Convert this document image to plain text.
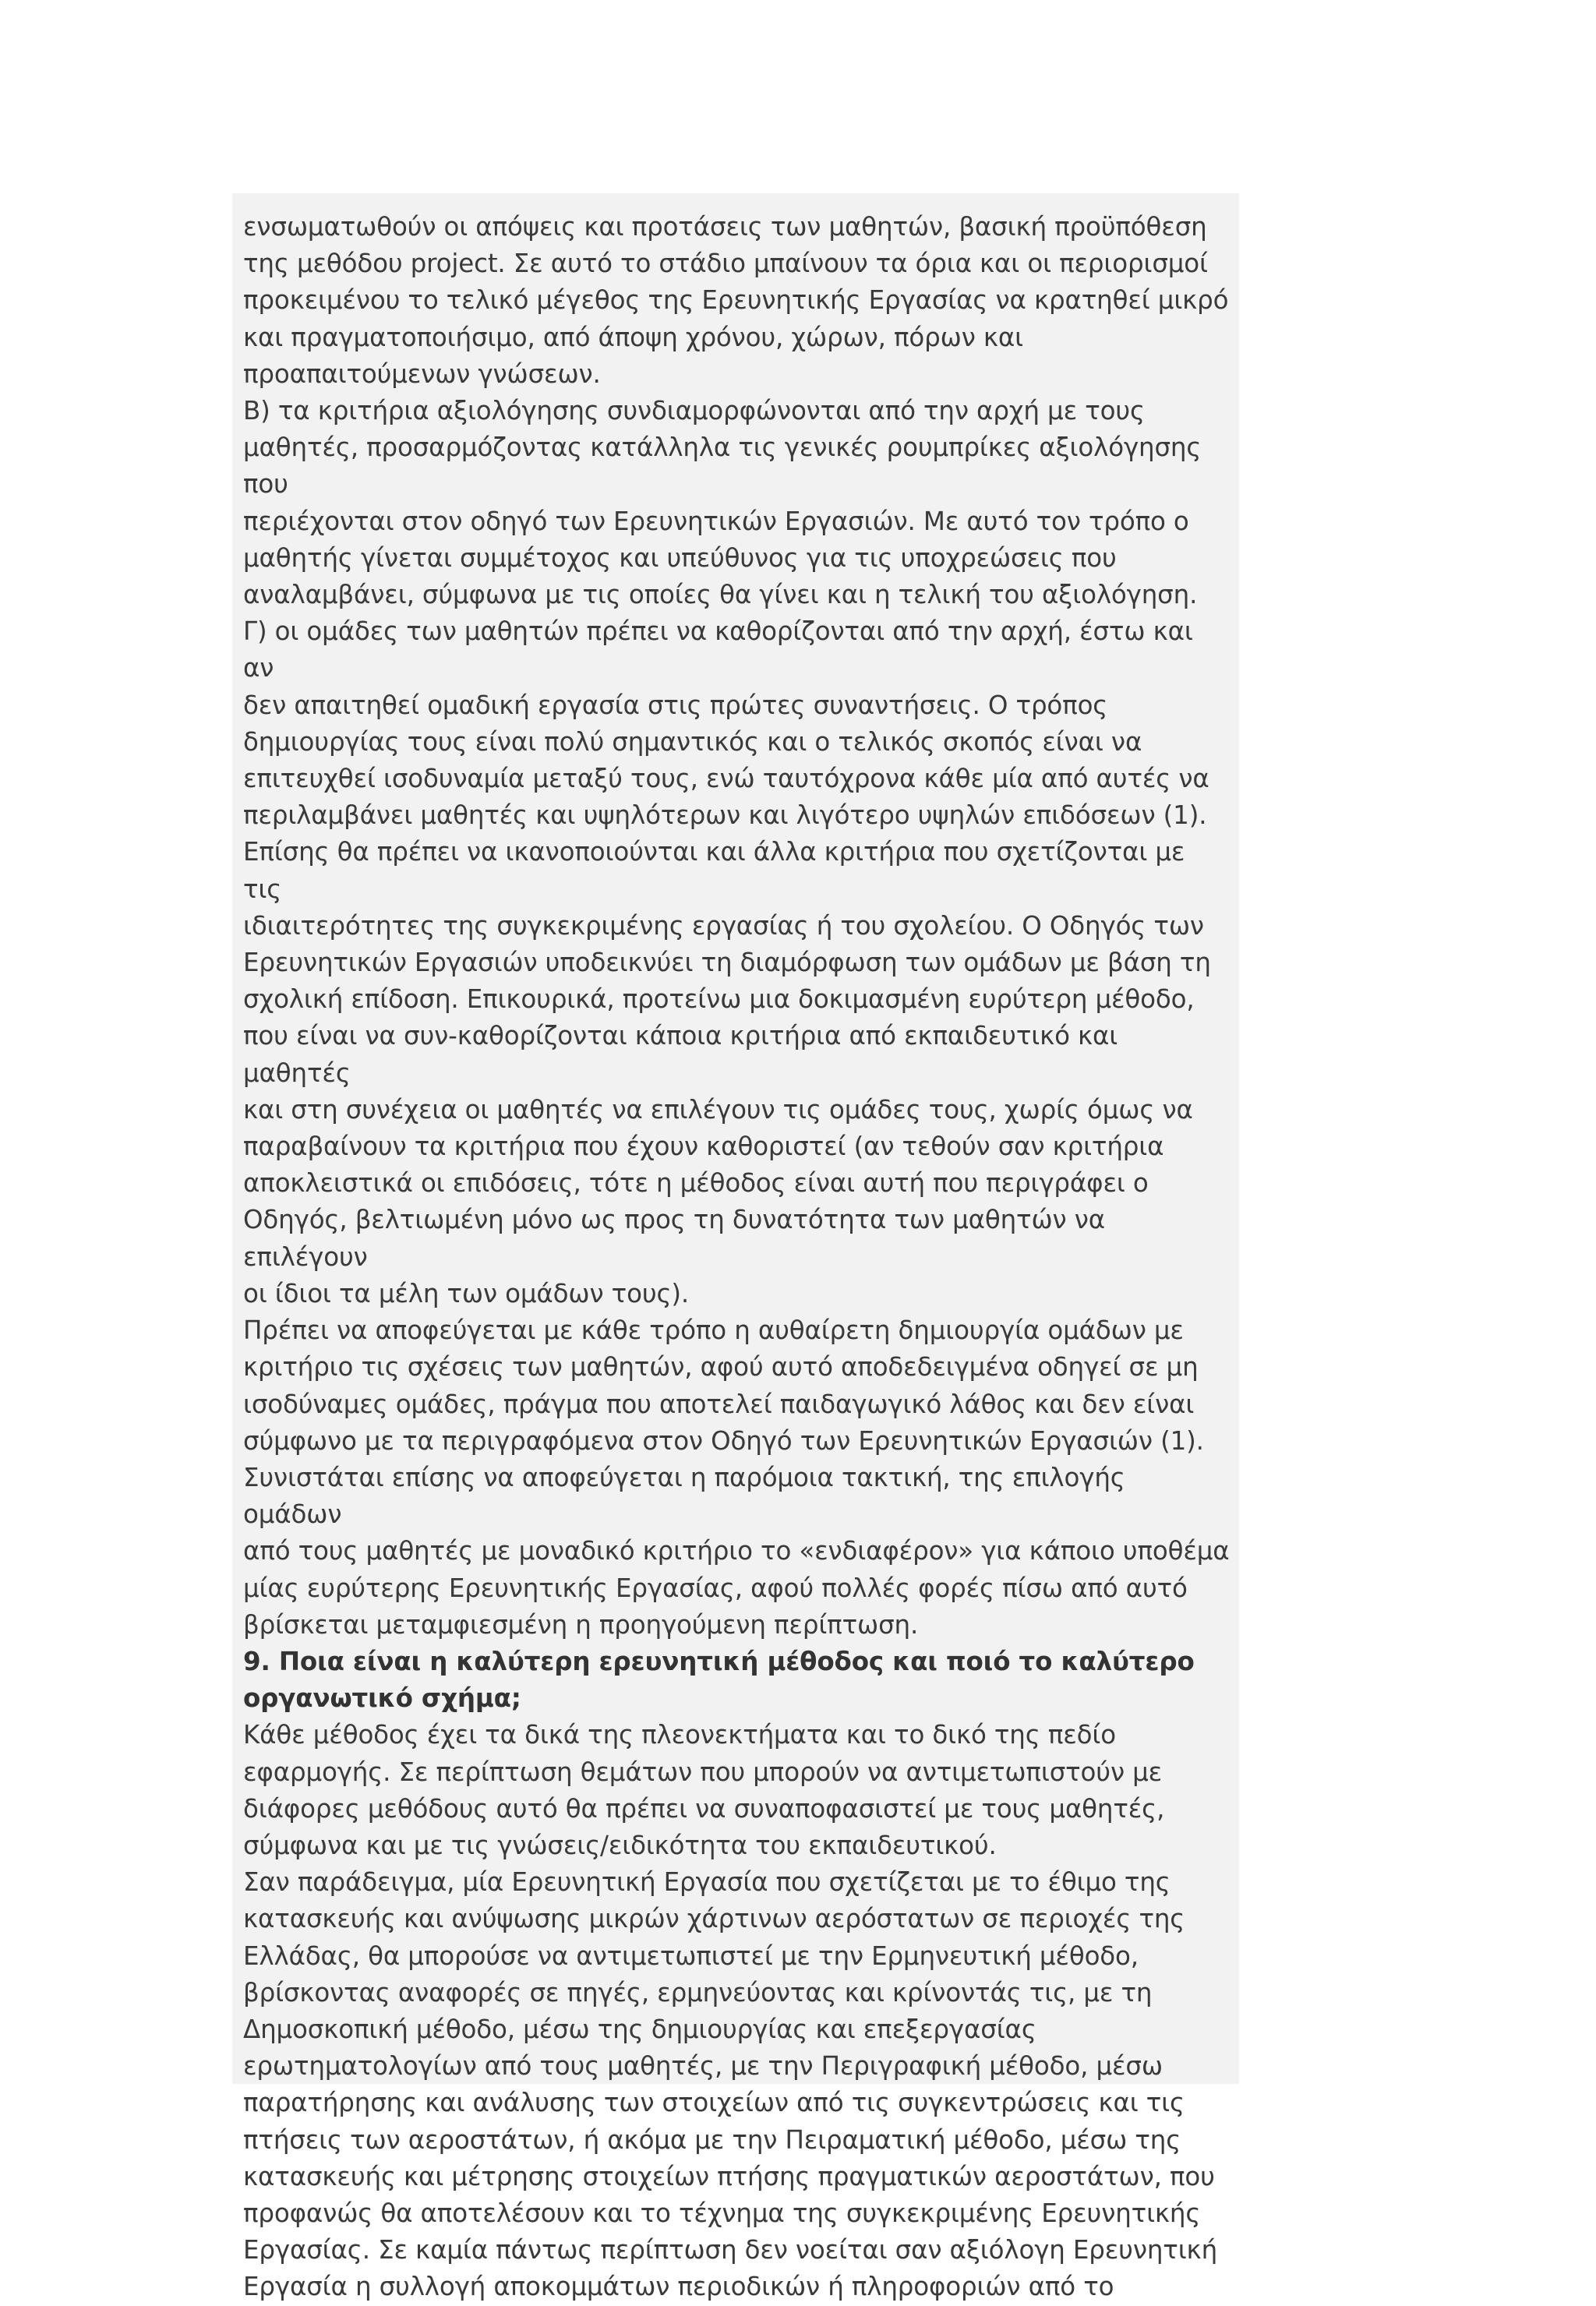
ενσωματωθούν οι απόψεις και προτάσεις των μαθητών, βασική προϋπόθεση
της μεθόδου project. Σε αυτό το στάδιο μπαίνουν τα όρια και οι περιορισμοί
προκειμένου το τελικό μέγεθος της Ερευνητικής Εργασίας να κρατηθεί μικρό
και πραγματοποιήσιμο, από άποψη χρόνου, χώρων, πόρων και
προαπαιτούμενων γνώσεων.

Β) τα κριτήρια αξιολόγησης συνδιαμορφώνονται από την αρχή με τους
μαθητές, προσαρμόζοντας κατάλληλα τις γενικές ρουμπρίκες αξιολόγησης που
περιέχονται στον οδηγό των Ερευνητικών Εργασιών. Με αυτό τον τρόπο ο
μαθητής γίνεται συμμέτοχος και υπεύθυνος για τις υποχρεώσεις που
αναλαμβάνει, σύμφωνα με τις οποίες θα γίνει και η τελική του αξιολόγηση.

Γ) οι ομάδες των μαθητών πρέπει να καθορίζονται από την αρχή, έστω και αν
δεν απαιτηθεί ομαδική εργασία στις πρώτες συναντήσεις. Ο τρόπος
δημιουργίας τους είναι πολύ σημαντικός και ο τελικός σκοπός είναι να
επιτευχθεί ισοδυναμία μεταξύ τους, ενώ ταυτόχρονα κάθε μία από αυτές να
περιλαμβάνει μαθητές και υψηλότερων και λιγότερο υψηλών επιδόσεων (1).
Επίσης θα πρέπει να ικανοποιούνται και άλλα κριτήρια που σχετίζονται με τις
ιδιαιτερότητες της συγκεκριμένης εργασίας ή του σχολείου. Ο Οδηγός των
Ερευνητικών Εργασιών υποδεικνύει τη διαμόρφωση των ομάδων με βάση τη
σχολική επίδοση. Επικουρικά, προτείνω μια δοκιμασμένη ευρύτερη μέθοδο,
που είναι να συν-καθορίζονται κάποια κριτήρια από εκπαιδευτικό και μαθητές
και στη συνέχεια οι μαθητές να επιλέγουν τις ομάδες τους, χωρίς όμως να
παραβαίνουν τα κριτήρια που έχουν καθοριστεί (αν τεθούν σαν κριτήρια
αποκλειστικά οι επιδόσεις, τότε η μέθοδος είναι αυτή που περιγράφει ο
Οδηγός, βελτιωμένη μόνο ως προς τη δυνατότητα των μαθητών να επιλέγουν
οι ίδιοι τα μέλη των ομάδων τους).

Πρέπει να αποφεύγεται με κάθε τρόπο η αυθαίρετη δημιουργία ομάδων με
κριτήριο τις σχέσεις των μαθητών, αφού αυτό αποδεδειγμένα οδηγεί σε μη
ισοδύναμες ομάδες, πράγμα που αποτελεί παιδαγωγικό λάθος και δεν είναι
σύμφωνο με τα περιγραφόμενα στον Οδηγό των Ερευνητικών Εργασιών (1).
Συνιστάται επίσης να αποφεύγεται η παρόμοια τακτική, της επιλογής ομάδων
από τους μαθητές με μοναδικό κριτήριο το «ενδιαφέρον» για κάποιο υποθέμα
μίας ευρύτερης Ερευνητικής Εργασίας, αφού πολλές φορές πίσω από αυτό
βρίσκεται μεταμφιεσμένη η προηγούμενη περίπτωση.

9. Ποια είναι η καλύτερη ερευνητική μέθοδος και ποιό το καλύτερο
οργανωτικό σχήμα;

Κάθε μέθοδος έχει τα δικά της πλεονεκτήματα και το δικό της πεδίο
εφαρμογής. Σε περίπτωση θεμάτων που μπορούν να αντιμετωπιστούν με
διάφορες μεθόδους αυτό θα πρέπει να συναποφασιστεί με τους μαθητές,
σύμφωνα και με τις γνώσεις/ειδικότητα του εκπαιδευτικού.

Σαν παράδειγμα, μία Ερευνητική Εργασία που σχετίζεται με το έθιμο της
κατασκευής και ανύψωσης μικρών χάρτινων αερόστατων σε περιοχές της
Ελλάδας, θα μπορούσε να αντιμετωπιστεί με την Ερμηνευτική μέθοδο,
βρίσκοντας αναφορές σε πηγές, ερμηνεύοντας και κρίνοντάς τις, με τη
Δημοσκοπική μέθοδο, μέσω της δημιουργίας και επεξεργασίας
ερωτηματολογίων από τους μαθητές, με την Περιγραφική μέθοδο, μέσω
παρατήρησης και ανάλυσης των στοιχείων από τις συγκεντρώσεις και τις
πτήσεις των αεροστάτων, ή ακόμα με την Πειραματική μέθοδο, μέσω της
κατασκευής και μέτρησης στοιχείων πτήσης πραγματικών αεροστάτων, που
προφανώς θα αποτελέσουν και το τέχνημα της συγκεκριμένης Ερευνητικής
Εργασίας. Σε καμία πάντως περίπτωση δεν νοείται σαν αξιόλογη Ερευνητική
Εργασία η συλλογή αποκομμάτων περιοδικών ή πληροφοριών από το
